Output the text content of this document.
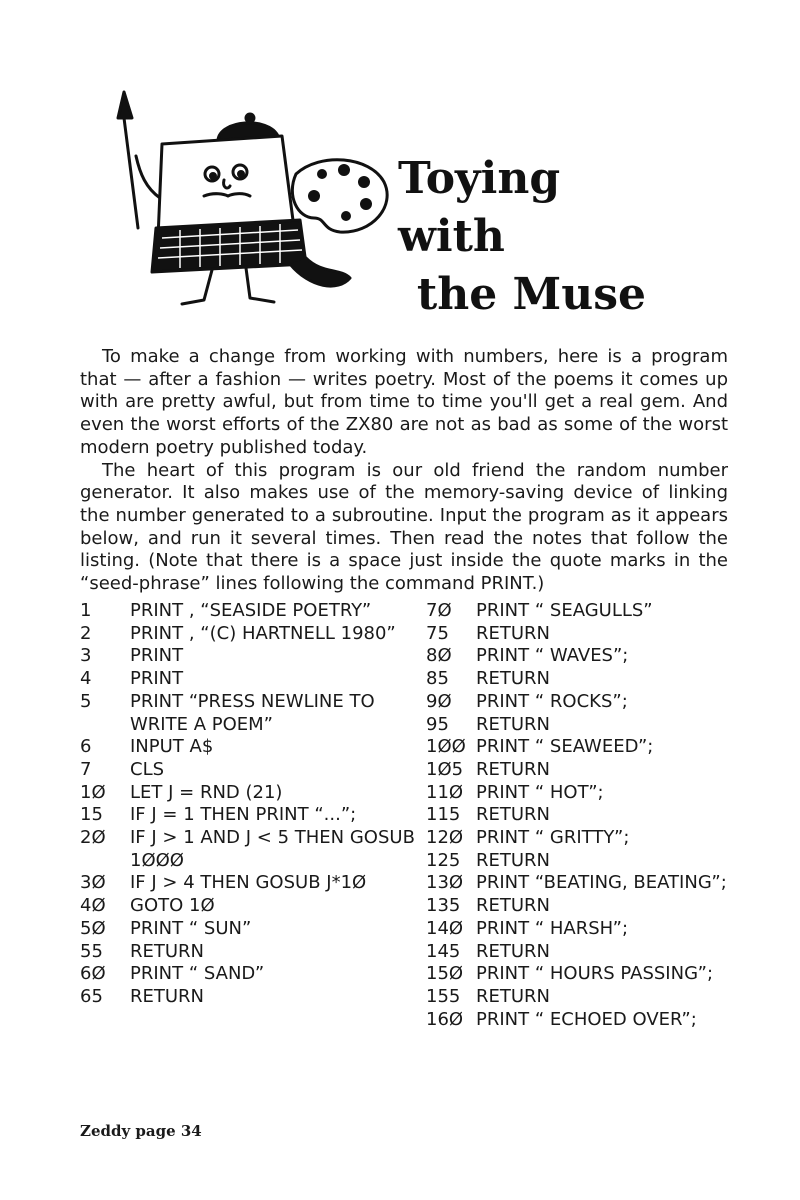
Toying with
the Muse

To make a change from working with numbers, here is a program that — after a fashion — writes poetry. Most of the poems it comes up with are pretty awful, but from time to time you'll get a real gem. And even the worst efforts of the ZX80 are not as bad as some of the worst modern poetry published today.

The heart of this program is our old friend the random number generator. It also makes use of the memory-saving device of linking the number generated to a subroutine. Input the program as it appears below, and run it several times. Then read the notes that follow the listing. (Note that there is a space just inside the quote marks in the “seed-phrase” lines following the command PRINT.)

1	PRINT , “SEASIDE POETRY”
2	PRINT , “(C) HARTNELL 1980”
3	PRINT
4	PRINT
5	PRINT “PRESS NEWLINE TO WRITE A POEM”
6	INPUT A$
7	CLS
1Ø	LET J = RND (21)
15	IF J = 1 THEN PRINT “...”;
2Ø	IF J > 1 AND J < 5 THEN GOSUB 1ØØØ
3Ø	IF J > 4 THEN GOSUB J*1Ø
4Ø	GOTO 1Ø
5Ø	PRINT “ SUN”
55	RETURN
6Ø	PRINT “ SAND”
65	RETURN
7Ø	PRINT “ SEAGULLS”
75	RETURN
8Ø	PRINT “ WAVES”;
85	RETURN
9Ø	PRINT “ ROCKS”;
95	RETURN
1ØØ PRINT “ SEAWEED”;
1Ø5 RETURN
11Ø PRINT “ HOT”;
115 RETURN
12Ø PRINT “ GRITTY”;
125 RETURN
13Ø PRINT “BEATING, BEATING”;
135 RETURN
14Ø PRINT “ HARSH”;
145 RETURN
15Ø PRINT “ HOURS PASSING”;
155 RETURN
16Ø PRINT “ ECHOED OVER”;
Zeddy page 34
